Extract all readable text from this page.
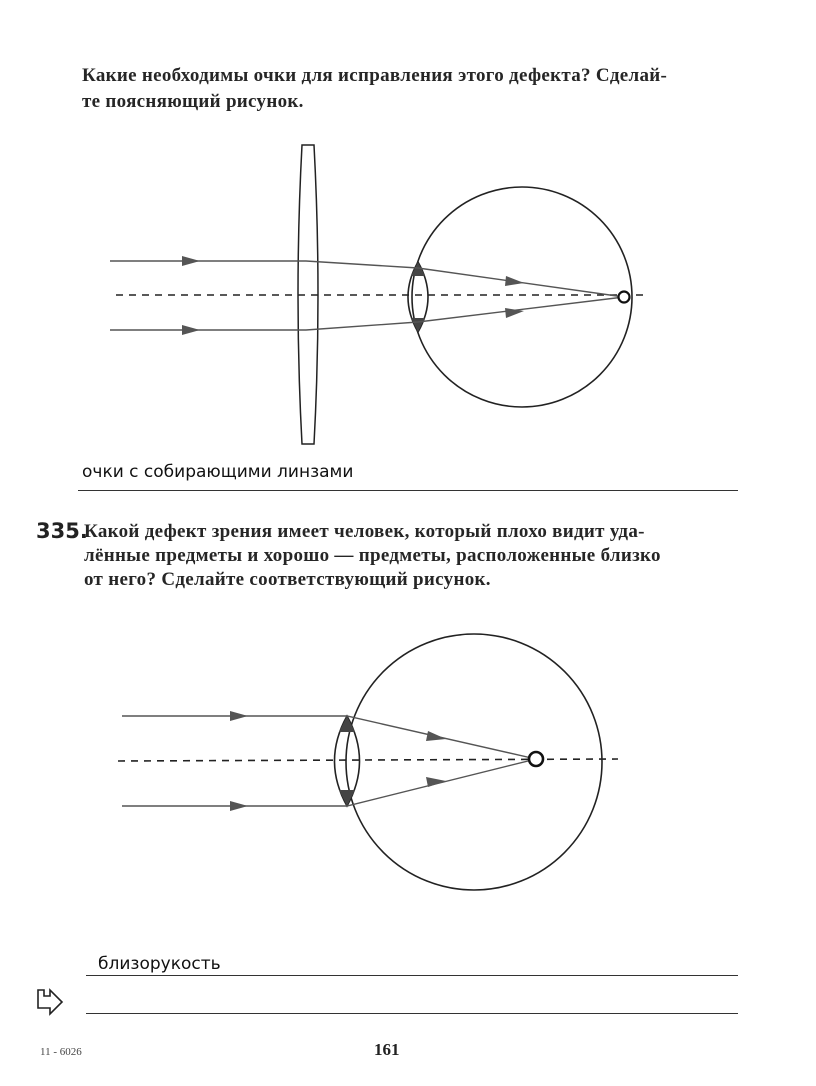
Какие необходимы очки для исправления этого дефекта? Сделай-
те поясняющий рисунок.
очки с собирающими линзами
335.
Какой дефект зрения имеет человек, который плохо видит уда-
лённые предметы и хорошо — предметы, расположенные близко
от него? Сделайте соответствующий рисунок.
близорукость
11 - 6026	161
